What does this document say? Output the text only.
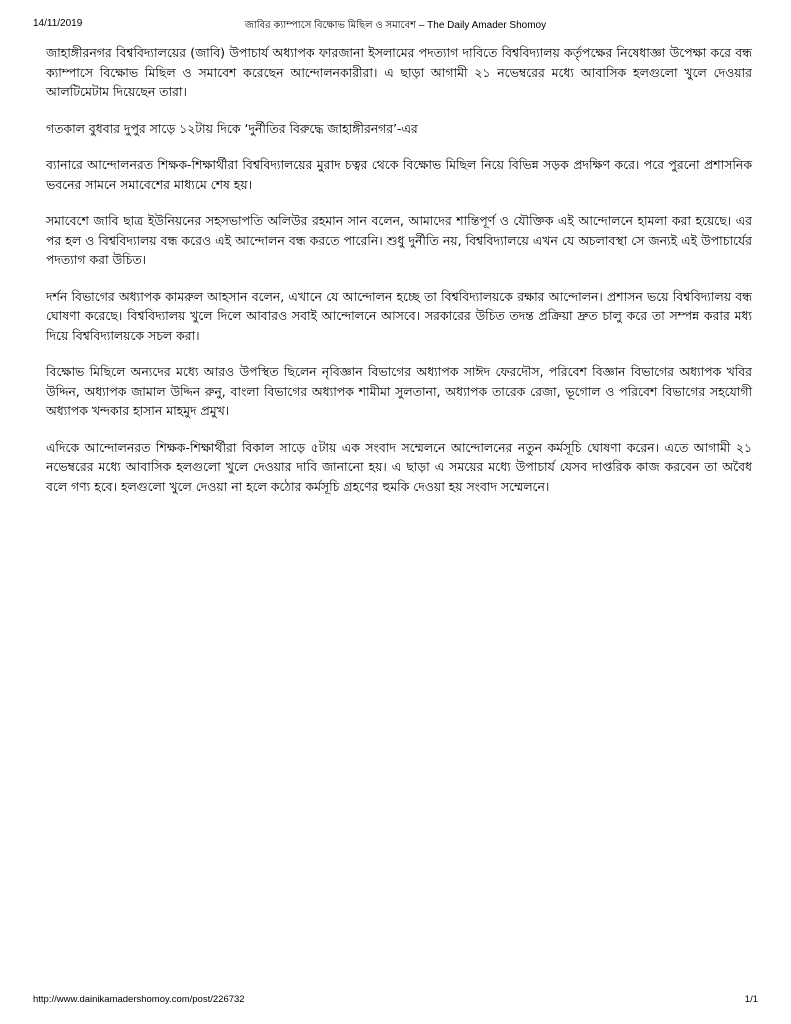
14/11/2019	জাবির ক্যাম্পাসে বিক্ষোভ মিছিল ও সমাবেশ – The Daily Amader Shomoy

জাহাঙ্গীরনগর বিশ্ববিদ্যালয়ের (জাবি) উপাচার্য অধ্যাপক ফারজানা ইসলামের পদত্যাগ দাবিতে বিশ্ববিদ্যালয় কর্তৃপক্ষের নিষেধাজ্ঞা উপেক্ষা করে বন্ধ ক্যাম্পাসে বিক্ষোভ মিছিল ও সমাবেশ করেছেন আন্দোলনকারীরা। এ ছাড়া আগামী ২১ নভেম্বরের মধ্যে আবাসিক হলগুলো খুলে দেওয়ার আলটিমেটাম দিয়েছেন তারা।

গতকাল বুধবার দুপুর সাড়ে ১২টায় দিকে ‘দুর্নীতির বিরুদ্ধে জাহাঙ্গীরনগর’-এর

ব্যানারে আন্দোলনরত শিক্ষক-শিক্ষার্থীরা বিশ্ববিদ্যালয়ের মুরাদ চত্বর থেকে বিক্ষোভ মিছিল নিয়ে বিভিন্ন সড়ক প্রদক্ষিণ করে। পরে পুরনো প্রশাসনিক ভবনের সামনে সমাবেশের মাধ্যমে শেষ হয়।

সমাবেশে জাবি ছাত্র ইউনিয়নের সহসভাপতি অলিউর রহমান সান বলেন, আমাদের শান্তিপূর্ণ ও যৌক্তিক এই আন্দোলনে হামলা করা হয়েছে। এর পর হল ও বিশ্ববিদ্যালয় বন্ধ করেও এই আন্দোলন বন্ধ করতে পারেনি। শুধু দুর্নীতি নয়, বিশ্ববিদ্যালয়ে এখন যে অচলাবস্থা সে জন্যই এই উপাচার্যের পদত্যাগ করা উচিত।

দর্শন বিভাগের অধ্যাপক কামরুল আহসান বলেন, এখানে যে আন্দোলন হচ্ছে তা বিশ্ববিদ্যালয়কে রক্ষার আন্দোলন। প্রশাসন ভয়ে বিশ্ববিদ্যালয় বন্ধ ঘোষণা করেছে। বিশ্ববিদ্যালয় খুলে দিলে আবারও সবাই আন্দোলনে আসবে। সরকারের উচিত তদন্ত প্রক্রিয়া দ্রুত চালু করে তা সম্পন্ন করার মধ্য দিয়ে বিশ্ববিদ্যালয়কে সচল করা।

বিক্ষোভ মিছিলে অন্যদের মধ্যে আরও উপস্থিত ছিলেন নৃবিজ্ঞান বিভাগের অধ্যাপক সাঈদ ফেরদৌস, পরিবেশ বিজ্ঞান বিভাগের অধ্যাপক খবির উদ্দিন, অধ্যাপক জামাল উদ্দিন রুনু, বাংলা বিভাগের অধ্যাপক শামীমা সুলতানা, অধ্যাপক তারেক রেজা, ভূগোল ও পরিবেশ বিভাগের সহযোগী অধ্যাপক খন্দকার হাসান মাহমুদ প্রমুখ।

এদিকে আন্দোলনরত শিক্ষক-শিক্ষার্থীরা বিকাল সাড়ে ৫টায় এক সংবাদ সম্মেলনে আন্দোলনের নতুন কর্মসূচি ঘোষণা করেন। এতে আগামী ২১ নভেম্বরের মধ্যে আবাসিক হলগুলো খুলে দেওয়ার দাবি জানানো হয়। এ ছাড়া এ সময়ের মধ্যে উপাচার্য যেসব দাপ্তরিক কাজ করবেন তা অবৈধ বলে গণ্য হবে। হলগুলো খুলে দেওয়া না হলে কঠোর কর্মসূচি গ্রহণের হুমকি দেওয়া হয় সংবাদ সম্মেলনে।

http://www.dainikamadershomoy.com/post/226732	1/1
